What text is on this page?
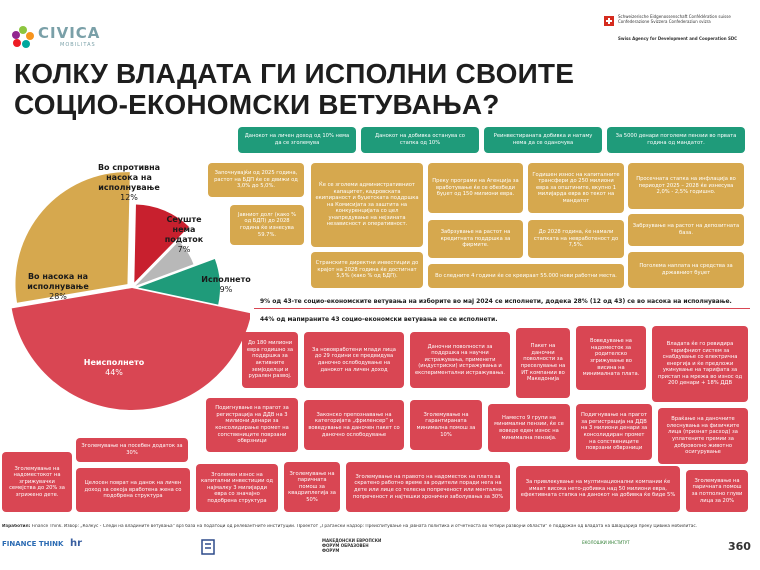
CIVICA
MOBILITAS
Schweizerische Eidgenossenschaft Confédération suisse Confederazione Svizzera Confederaziun svizra
Swiss Agency for Development and Cooperation SDC
КОЛКУ ВЛАДАТА ГИ ИСПОЛНИ СВОИТЕ
СОЦИО-ЕКОНОМСКИ ВЕТУВАЊА?
Во спротивна
насока на
исполнување
12%
Сеуште
нема
податок
7%
Исполнето
9%
Во насока на
исполнување
28%
Неисполнето
44%
Данокот на личен доход од 10% нема да се зголемува
Данокот на добивка останува со стапка од 10%
Реинвестираната добивка и натаму нема да се оданочува
За 5000 денари поголеми пензии во првата година од мандатот.
Започнувајќи од 2025 година, растот на БДП ќе се движи од 3,0% до 5,0%.	Ќе се зголеми административниот капацитет, кадровската екипираност и буџетската поддршка на Комисијата за заштита на конкуренцијата со цел унапредување на нејзината независност и оперативност.
Преку програми на Агенција за вработување ќе се обезбеди буџет од 150 милиони евра.
Годишен износ на капиталните трансфери до 250 милиони евра за општините, вкупно 1 милијарда евра во текот на мандатот
Просечната стапка на инфлација во периодот 2025 – 2028 ќе изнесува 2,0% - 2,5% годишно.
Јавниот долг (како % од БДП) до 2028 година ќе изнесува 59.7%.	Забрзување на растот на кредитната поддршка за фирмите.
До 2028 година, ќе намали стапката на невработеност до 7,5%.
Забрзување на растот на депозитната база.
Странските директни инвестиции до крајот на 2028 година ќе достигнат 5,5% (како % од БДП).	Во следните 4 години ќе се креираат 55.000 нови работни места.
Поголема наплата на средства за државниот буџет
9% од 43-те социо-економските ветувања на изборите во мај 2024 се исполнети, додека 28% (12 од 43) се во насока на исполнување.
44% од мапираните 43 социо-економски ветувања не се исполнети.
До 180 милиони евра годишно за поддршка за активните земјоделци и рурален развој.
За нововработени млади лица до 29 години се предвидува даночно ослободување на данокот на личен доход
Даночни поволности за поддршка на научни истражувања, применети (индустриски) истражувања и експериментални истражувања.
Пакет на даночни поволности за преселување на ИТ компании во Македонија
Воведување на надоместок за родителско згрижување во висина на минималната плата.
Владата ќе го ревидира тарифниот систем за снабдување со електрична енергија и ќе предложи укинување на тарифата за пристап на мрежа во износ од 200 денари + 18% ДДВ
Подигнување на прагот за регистрација на ДДВ на 3 милиони денари за консолидирање промет на сопствениците поврзани обврзници
Законско препознавање на категоријата „фриленсер“ и воведување на даночен пакет со даночно ослободување
Зголемување на гарантираната минимална помош за 10%
Наместо 9 групи на минимални пензии, ќе се воведе еден износ на минимална пензија.
Подигнување на прагот за регистрација на ДДВ на 3 милиони денари за консолидиран промет на сопствениците поврзани обврзници
Враќање на даночните олеснувања на физичките лица (признат расход) за уплатените премии за доброволно животно осигурување
Зголемување на посебен додаток за 30%
Зголемување на надоместокот на згрижувачки семејства до 20% за згрижено дете.
Целосен поврат на данок на личен доход за секоја вработена жена со подобрена структура
Зголемен износ на капитални инвестиции од најмалку 3 милијарди евра со значајно подобрена структура
Зголемување на паричната помош за квадриплегија за 50%
Зголемување на правото на надоместок на плата за скратено работно време за родители поради нега на дете или лице со телесна попреченост или ментална попреченост и најтешки хронични заболувања за 30%
За привлекување на мултинационални компании ќе имаат висока нето-добивка над 50 милиони евра, ефективната стапка на данокот на добивка ќе биде 5%
Зголемување на паричната помош за потполно глуви лица за 20%
Изработил: Finance Think. Извор: „Колкус - Следи на владините ветувања“ врз база на податоци од релевантните институции. Проектот „Граѓански надзор: Преиспитување на јавната политика и отчетноста во четири развојни области“ е поддржан од владата на Швајцарија преку Цивика мобилитас.
FINANCE THINK hr	МАКЕДОНСКИ ЕВРОПСКИ ФОРУМ ОБРАЗОВЕН ФОРУМ
ЕКОЛОШКИ ИНСТИТУТ	360
